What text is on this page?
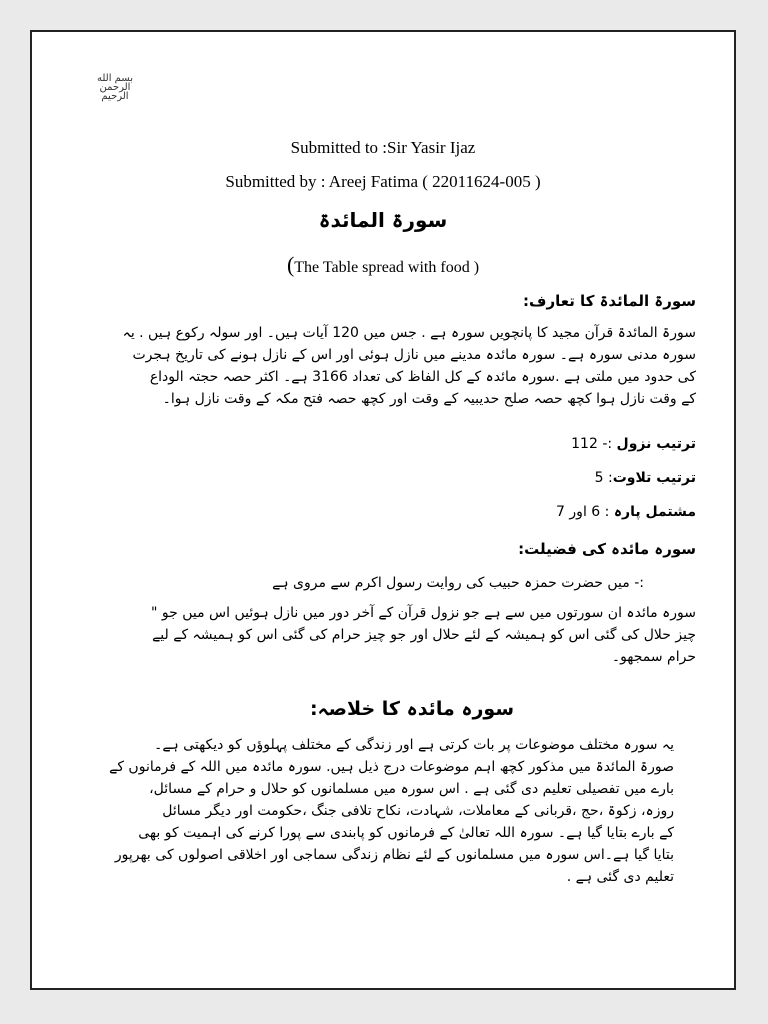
بسم الله
الرحمن الرحیم
Submitted to :Sir Yasir Ijaz
Submitted by : Areej Fatima ( 22011624-005 )
سورۃ المائدۃ
(The Table spread with food )
سورۃ المائدۃ کا تعارف:
سورۃ المائدۃ قرآن مجید کا پانچویں سورہ ہے . جس میں 120 آیات ہیں۔ اور سولہ رکوع ہیں . یہ
سورہ مدنی سورہ ہے۔ سورہ مائدہ مدینے میں نازل ہوئی اور اس کے نازل ہونے کی تاریخ ہجرت
کی حدود میں ملتی ہے .سورہ مائدہ کے کل الفاظ کی تعداد 3166 ہے۔ اکثر حصہ حجتہ الوداع
کے وقت نازل ہوا کچھ حصہ صلح حدیبیہ کے وقت اور کچھ حصہ فتح مکہ کے وقت نازل ہوا۔
ترتیب نزول :- 112
ترتیب تلاوت: 5
مشتمل پارہ : 6 اور 7
سورہ مائدہ کی فضیلت:
:- میں حضرت حمزہ حبیب کی روایت رسول اکرم سے مروی ہے
سورہ مائدہ ان سورتوں میں سے ہے جو نزول قرآن کے آخر دور میں نازل ہوئیں اس میں جو "
چیز حلال کی گئی اس کو ہمیشہ کے لئے حلال اور جو چیز حرام کی گئی اس کو ہمیشہ کے لیے
حرام سمجھو۔
سورہ مائدہ کا خلاصہ:
یہ سورہ مختلف موضوعات پر بات کرتی ہے اور زندگی کے مختلف پہلوؤں کو دیکھتی ہے۔
صورۃ المائدۃ میں مذکور کچھ اہم موضوعات درج ذیل ہیں. سورہ مائدہ میں اللہ کے فرمانوں کے
بارے میں تفصیلی تعلیم دی گئی ہے . اس سورہ میں مسلمانوں کو حلال و حرام کے مسائل،
روزہ، زکوۃ ،حج ،قربانی کے معاملات، شہادت، نکاح تلافی جنگ ،حکومت اور دیگر مسائل
کے بارے بتایا گیا ہے۔ سورہ اللہ تعالیٰ کے فرمانوں کو پابندی سے پورا کرنے کی اہمیت کو بھی
بتایا گیا ہے۔اس سورہ میں مسلمانوں کے لئے نظام زندگی سماجی اور اخلاقی اصولوں کی بھرپور
تعلیم دی گئی ہے .
